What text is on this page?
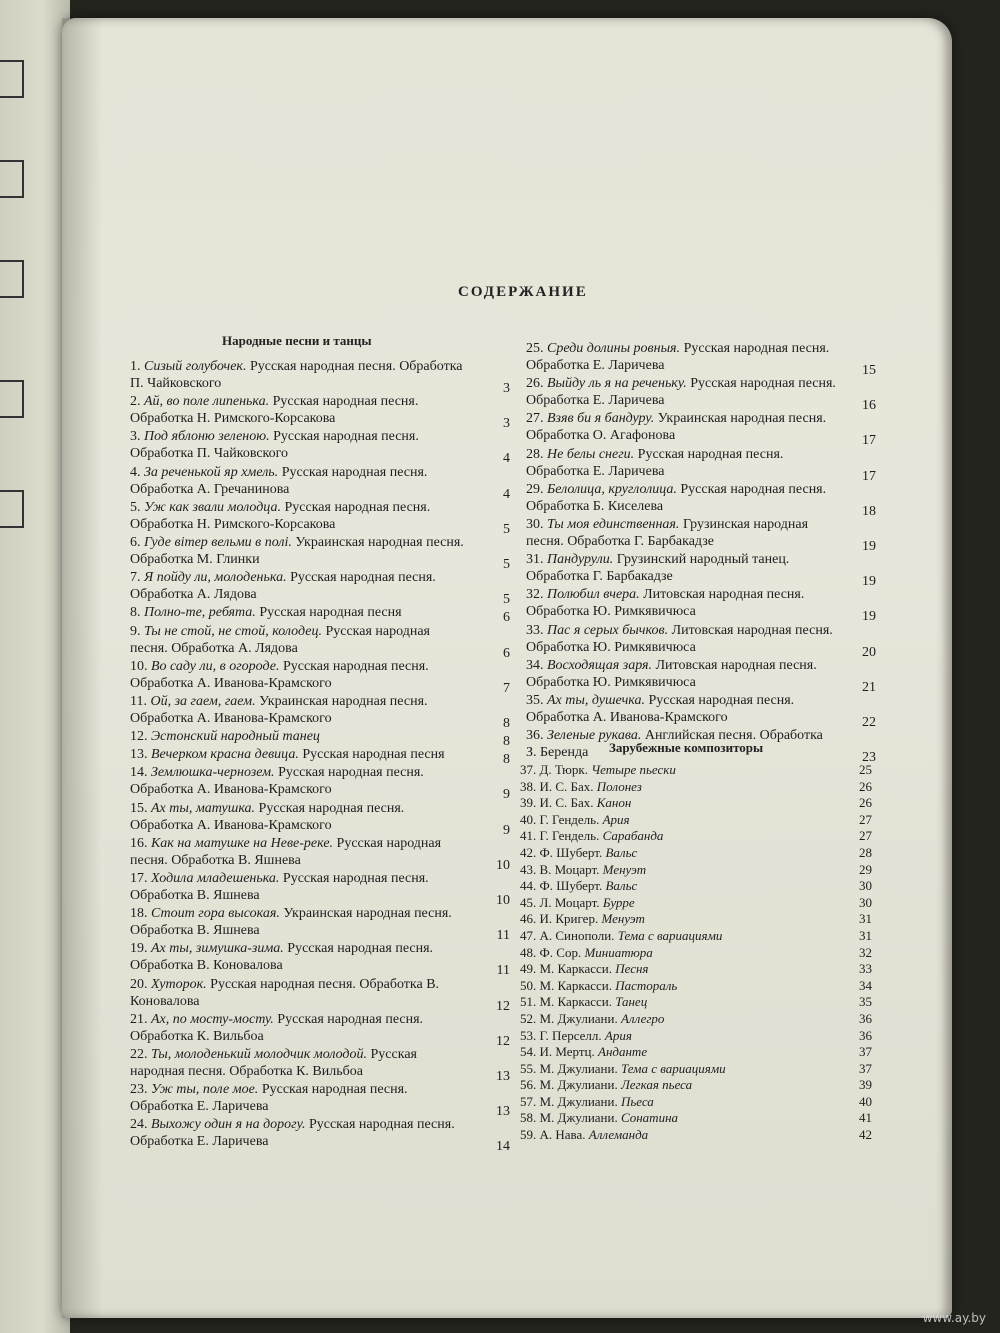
СОДЕРЖАНИЕ
Народные песни и танцы
Зарубежные композиторы
1. Сизый голубочек. Русская народная песня. Обработка П. Чайковского	3
2. Ай, во поле липенька. Русская народная песня. Обработка Н. Римского-Корсакова	3
3. Под яблоню зеленою. Русская народная песня. Обработка П. Чайковского	4
4. За реченькой яр хмель. Русская народная песня. Обработка А. Гречанинова	4
5. Уж как звали молодца. Русская народная песня. Обработка Н. Римского-Корсакова	5
6. Гуде вітер вельми в полі. Украинская народная песня. Обработка М. Глинки	5
7. Я пойду ли, молоденька. Русская народная песня. Обработка А. Лядова	5
8. Полно-те, ребята. Русская народная песня	6
9. Ты не стой, не стой, колодец. Русская народная песня. Обработка А. Лядова	6
10. Во саду ли, в огороде. Русская народная песня. Обработка А. Иванова-Крамского	7
11. Ой, за гаем, гаем. Украинская народная песня. Обработка А. Иванова-Крамского	8
12. Эстонский народный танец	8
13. Вечерком красна девица. Русская народная песня	8
14. Землюшка-чернозем. Русская народная песня. Обработка А. Иванова-Крамского	9
15. Ах ты, матушка. Русская народная песня. Обработка А. Иванова-Крамского	9
16. Как на матушке на Неве-реке. Русская народная песня. Обработка В. Яшнева	10
17. Ходила младешенька. Русская народная песня. Обработка В. Яшнева	10
18. Стоит гора высокая. Украинская народная песня. Обработка В. Яшнева	11
19. Ах ты, зимушка-зима. Русская народная песня. Обработка В. Коновалова	11
20. Хуторок. Русская народная песня. Обработка В. Коновалова	12
21. Ах, по мосту-мосту. Русская народная песня. Обработка К. Вильбоа	12
22. Ты, молоденький молодчик молодой. Русская народная песня. Обработка К. Вильбоа	13
23. Уж ты, поле мое. Русская народная песня. Обработка Е. Ларичева	13
24. Выхожу один я на дорогу. Русская народная песня. Обработка Е. Ларичева	14
25. Среди долины ровныя. Русская народная песня. Обработка Е. Ларичева	15
26. Выйду ль я на реченьку. Русская народная песня. Обработка Е. Ларичева	16
27. Взяв би я бандуру. Украинская народная песня. Обработка О. Агафонова	17
28. Не белы снеги. Русская народная песня. Обработка Е. Ларичева	17
29. Белолица, круглолица. Русская народная песня. Обработка Б. Киселева	18
30. Ты моя единственная. Грузинская народная песня. Обработка Г. Барбакадзе	19
31. Пандурули. Грузинский народный танец. Обработка Г. Барбакадзе	19
32. Полюбил вчера. Литовская народная песня. Обработка Ю. Римкявичюса	19
33. Пас я серых бычков. Литовская народная песня. Обработка Ю. Римкявичюса	20
34. Восходящая заря. Литовская народная песня. Обработка Ю. Римкявичюса	21
35. Ах ты, душечка. Русская народная песня. Обработка А. Иванова-Крамского	22
36. Зеленые рукава. Английская песня. Обработка З. Беренда	23
37. Д. Тюрк. Четыре пьески	25
38. И. С. Бах. Полонез	26
39. И. С. Бах. Канон	26
40. Г. Гендель. Ария	27
41. Г. Гендель. Сарабанда	27
42. Ф. Шуберт. Вальс	28
43. В. Моцарт. Менуэт	29
44. Ф. Шуберт. Вальс	30
45. Л. Моцарт. Бурре	30
46. И. Кригер. Менуэт	31
47. А. Синополи. Тема с вариациями	31
48. Ф. Сор. Миниатюра	32
49. М. Каркасси. Песня	33
50. М. Каркасси. Пастораль	34
51. М. Каркасси. Танец	35
52. М. Джулиани. Аллегро	36
53. Г. Перселл. Ария	36
54. И. Мертц. Анданте	37
55. М. Джулиани. Тема с вариациями	37
56. М. Джулиани. Легкая пьеса	39
57. М. Джулиани. Пьеса	40
58. М. Джулиани. Сонатина	41
59. А. Нава. Аллеманда	42
www.ay.by
